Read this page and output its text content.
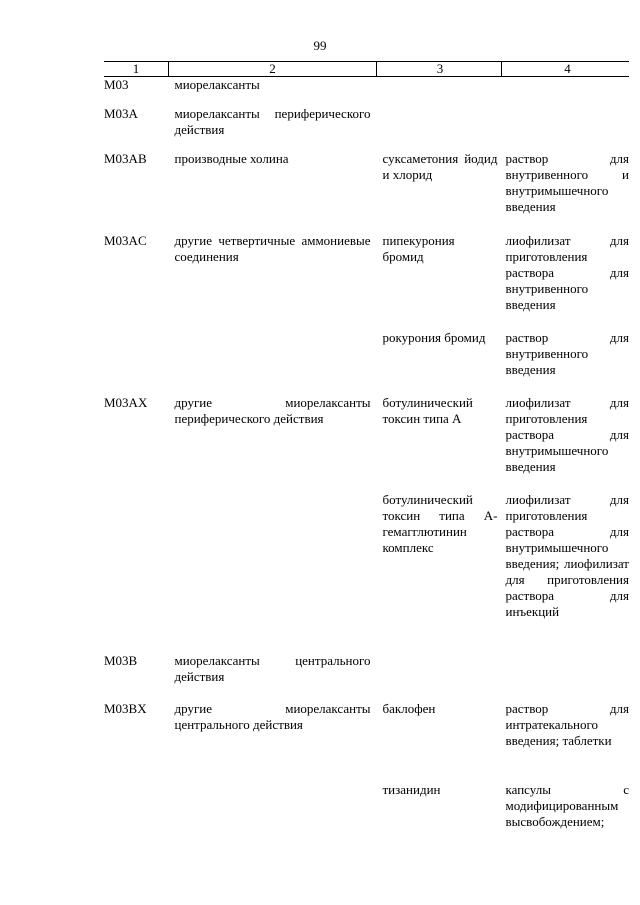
99
1	2	3	4

M03	миорелаксанты		

M03A	миорелаксанты периферического действия		

M03AB	производные холина	суксаметония йодид и хлорид	раствор для внутривенного и внутримышечного введения

M03AC	другие четвертичные аммониевые соединения	пипекурония бромид	лиофилизат для приготовления раствора для внутривенного введения

		рокурония бромид	раствор для внутривенного введения

M03AX	другие миорелаксанты периферического действия	ботулинический токсин типа A	лиофилизат для приготовления раствора для внутримышечного введения

		ботулинический токсин типа A-гемагглютинин комплекс	лиофилизат для приготовления раствора для внутримышечного введения; лиофилизат для приготовления раствора для инъекций

M03B	миорелаксанты центрального действия		

M03BX	другие миорелаксанты центрального действия	баклофен	раствор для интратекального введения; таблетки

		тизанидин	капсулы с модифицированным высвобождением;
